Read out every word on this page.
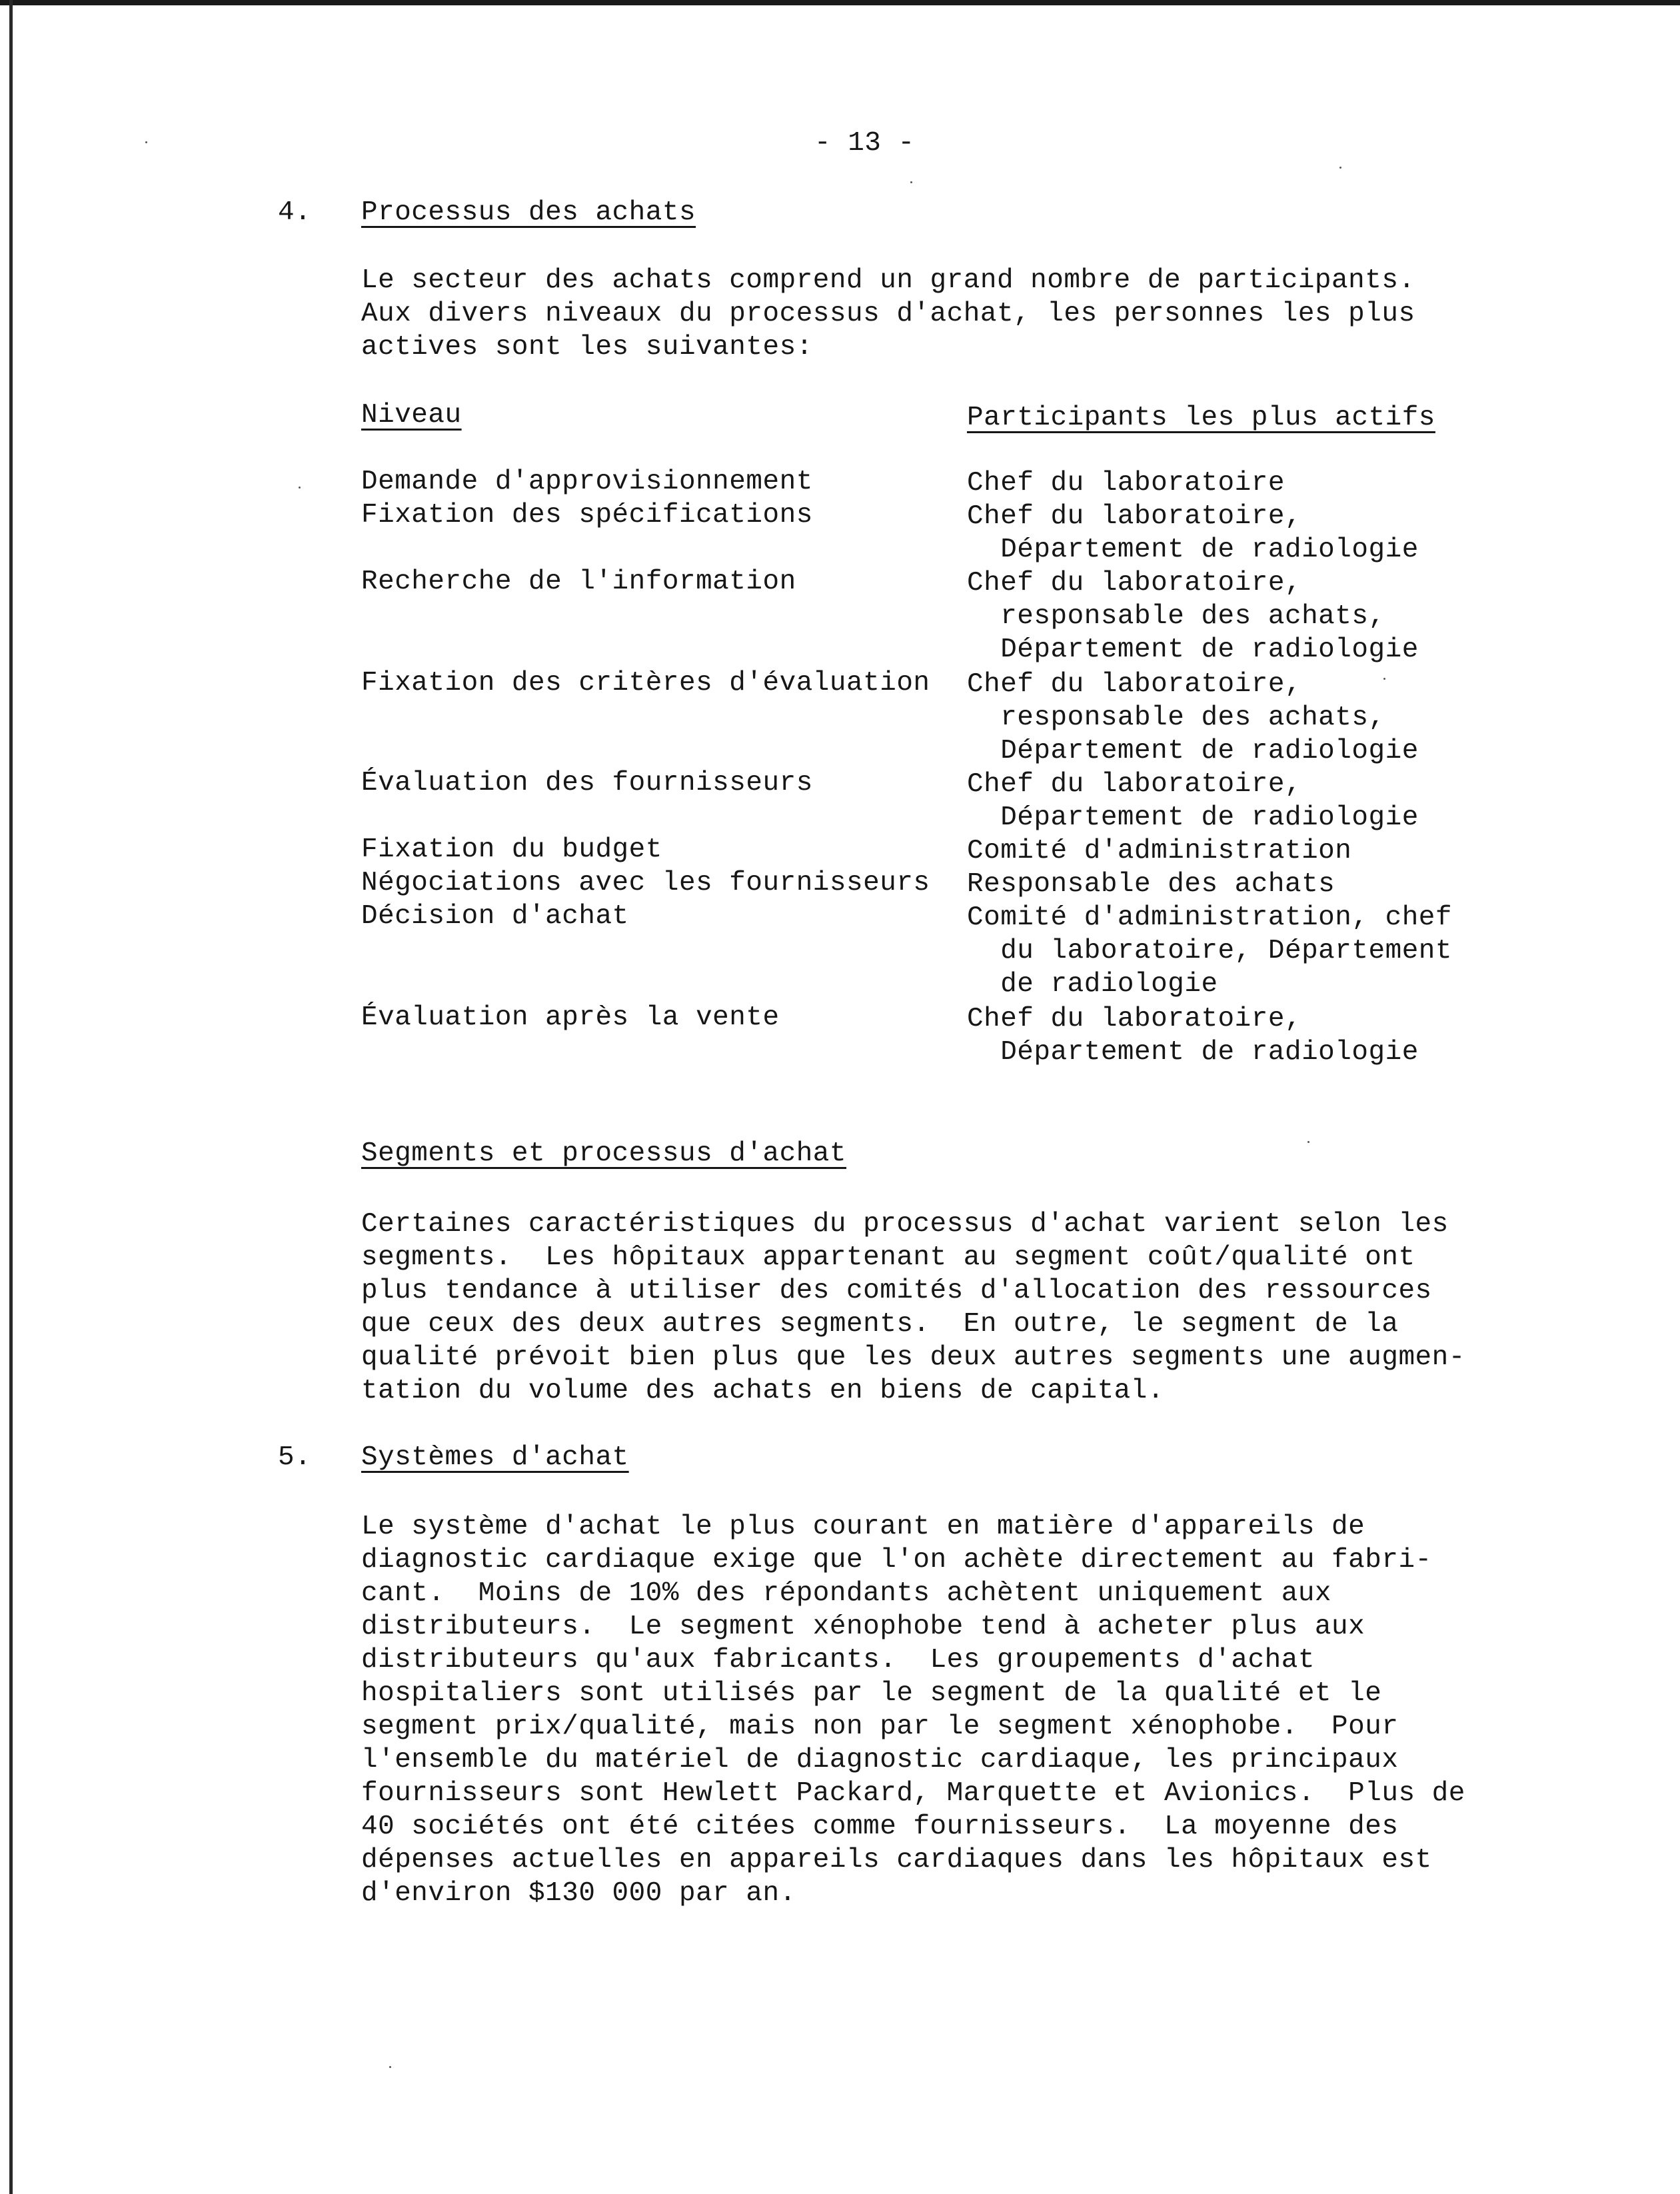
- 13 -
4. Processus des achats
Le secteur des achats comprend un grand nombre de participants.
Aux divers niveaux du processus d'achat, les personnes les plus
actives sont les suivantes:
Niveau	Participants les plus actifs
Demande d'approvisionnement	Chef du laboratoire
Fixation des spécifications	Chef du laboratoire,
Département de radiologie
Recherche de l'information	Chef du laboratoire,
responsable des achats,
Département de radiologie
Fixation des critères d'évaluation Chef du laboratoire,
responsable des achats,
Département de radiologie
Évaluation des fournisseurs	Chef du laboratoire,
Département de radiologie
Fixation du budget	Comité d'administration
Négociations avec les fournisseurs Responsable des achats
Décision d'achat	Comité d'administration, chef
du laboratoire, Département
de radiologie
Évaluation après la vente	Chef du laboratoire,
Département de radiologie
Segments et processus d'achat
Certaines caractéristiques du processus d'achat varient selon les
segments.  Les hôpitaux appartenant au segment coût/qualité ont
plus tendance à utiliser des comités d'allocation des ressources
que ceux des deux autres segments.  En outre, le segment de la
qualité prévoit bien plus que les deux autres segments une augmen-
tation du volume des achats en biens de capital.
5. Systèmes d'achat
Le système d'achat le plus courant en matière d'appareils de
diagnostic cardiaque exige que l'on achète directement au fabri-
cant.  Moins de 10% des répondants achètent uniquement aux
distributeurs.  Le segment xénophobe tend à acheter plus aux
distributeurs qu'aux fabricants.  Les groupements d'achat
hospitaliers sont utilisés par le segment de la qualité et le
segment prix/qualité, mais non par le segment xénophobe.  Pour
l'ensemble du matériel de diagnostic cardiaque, les principaux
fournisseurs sont Hewlett Packard, Marquette et Avionics.  Plus de
40 sociétés ont été citées comme fournisseurs.  La moyenne des
dépenses actuelles en appareils cardiaques dans les hôpitaux est
d'environ $130 000 par an.
